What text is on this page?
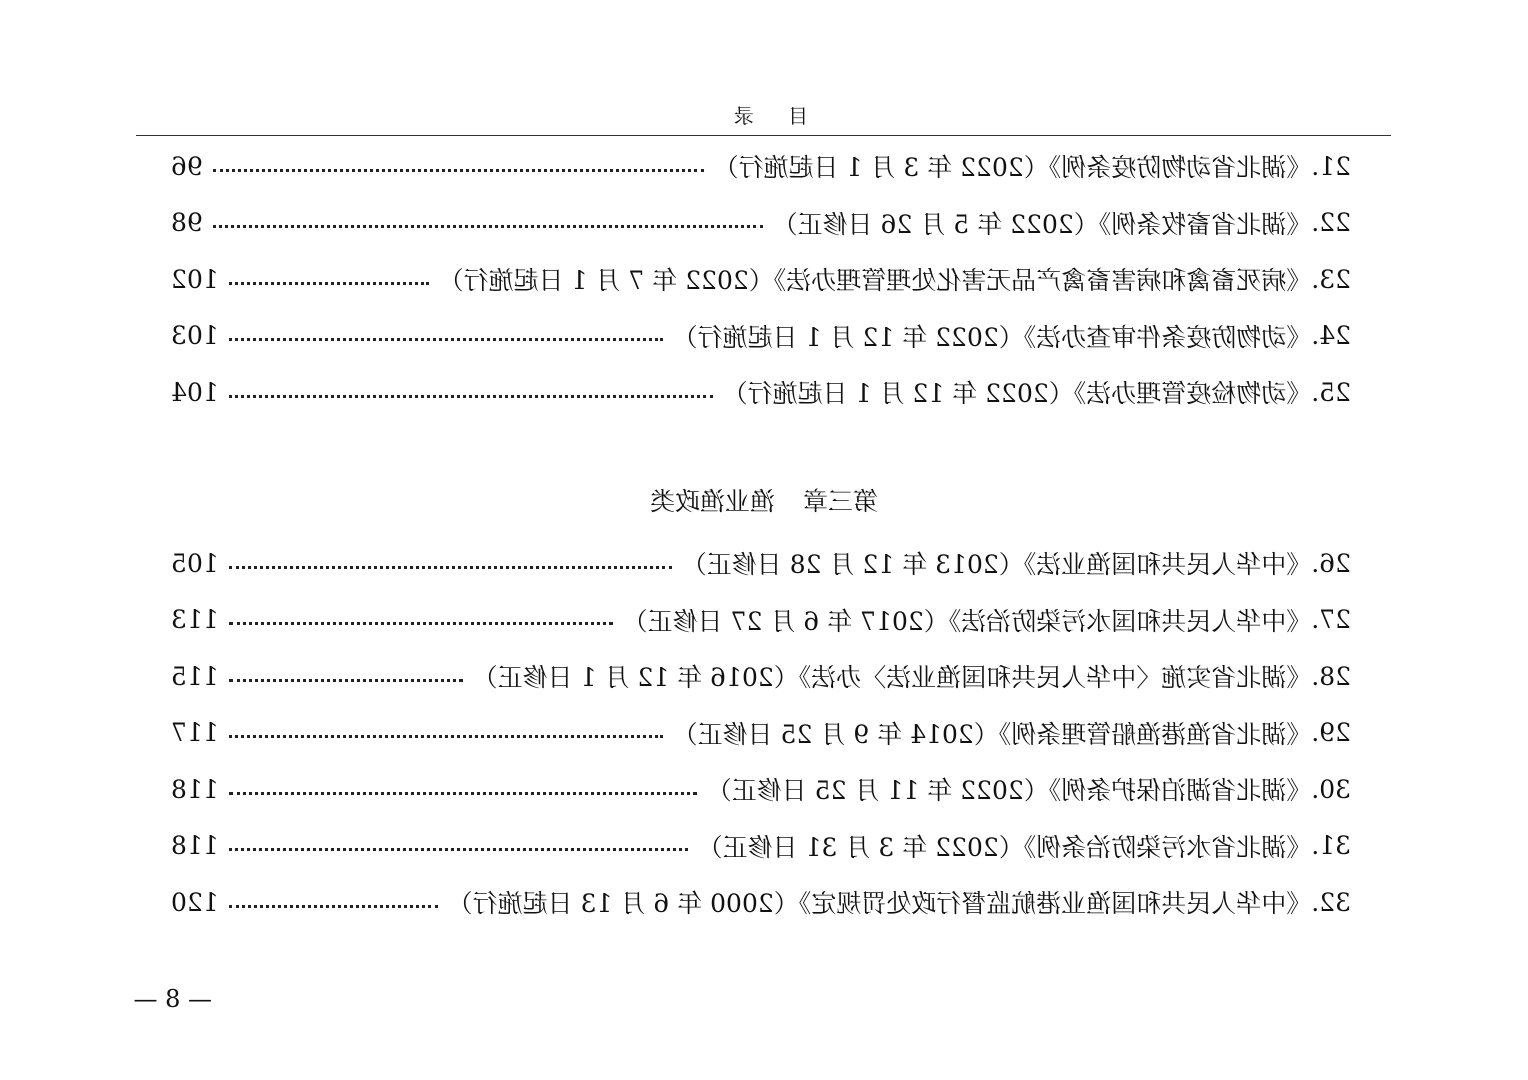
目 录
21.
《湖北省动物防疫条例》（2022 年 3 月 1 日起施行）
96
22.
《湖北省畜牧条例》（2022 年 5 月 26 日修正）
98
23.
《病死畜禽和病害畜禽产品无害化处理管理办法》（2022 年 7 月 1 日起施行）
102
24.
《动物防疫条件审查办法》（2022 年 12 月 1 日起施行）
103
25.
《动物检疫管理办法》（2022 年 12 月 1 日起施行）
104
第三章渔业渔政类
26.
《中华人民共和国渔业法》（2013 年 12 月 28 日修正）
105
27.
《中华人民共和国水污染防治法》（2017 年 6 月 27 日修正）
113
28.
《湖北省实施〈中华人民共和国渔业法〉办法》（2016 年 12 月 1 日修正）
115
29.
《湖北省渔港渔船管理条例》（2014 年 9 月 25 日修正）
117
30.
《湖北省湖泊保护条例》（2022 年 11 月 25 日修正）
118
31.
《湖北省水污染防治条例》（2022 年 3 月 31 日修正）
118
32.
《中华人民共和国渔业港航监督行政处罚规定》（2000 年 6 月 13 日起施行）
120
— 8 —
